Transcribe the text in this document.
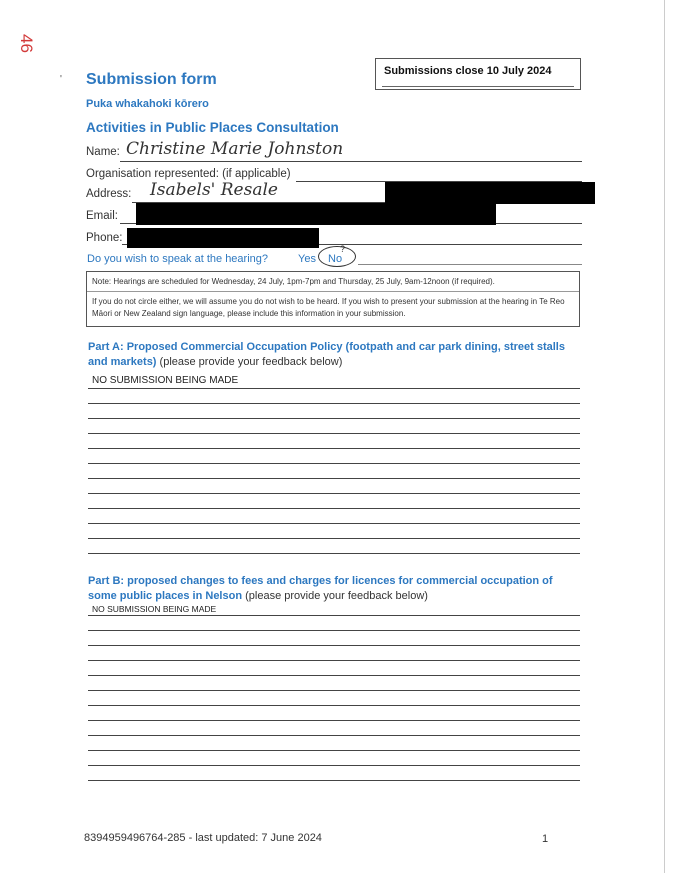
46
'
Submissions close 10 July 2024
Submission form
Puka whakahoki kōrero
Activities in Public Places Consultation
Name: Christine Marie Johnston
Organisation represented: (if applicable)
Address: Isabels' Resale
Email:
Phone:
Do you wish to speak at the hearing?	Yes No
?
Note: Hearings are scheduled for Wednesday, 24 July, 1pm-7pm and Thursday, 25 July, 9am-12noon (if required).
If you do not circle either, we will assume you do not wish to be heard. If you wish to present your submission at the hearing in Te Reo Māori or New Zealand sign language, please include this information in your submission.
Part A: Proposed Commercial Occupation Policy (footpath and car park dining, street stalls and markets) (please provide your feedback below)
NO SUBMISSION BEING MADE
Part B: proposed changes to fees and charges for licences for commercial occupation of some public places in Nelson (please provide your feedback below)
NO SUBMISSION BEING MADE
8394959496764-285 - last updated: 7 June 2024	1
